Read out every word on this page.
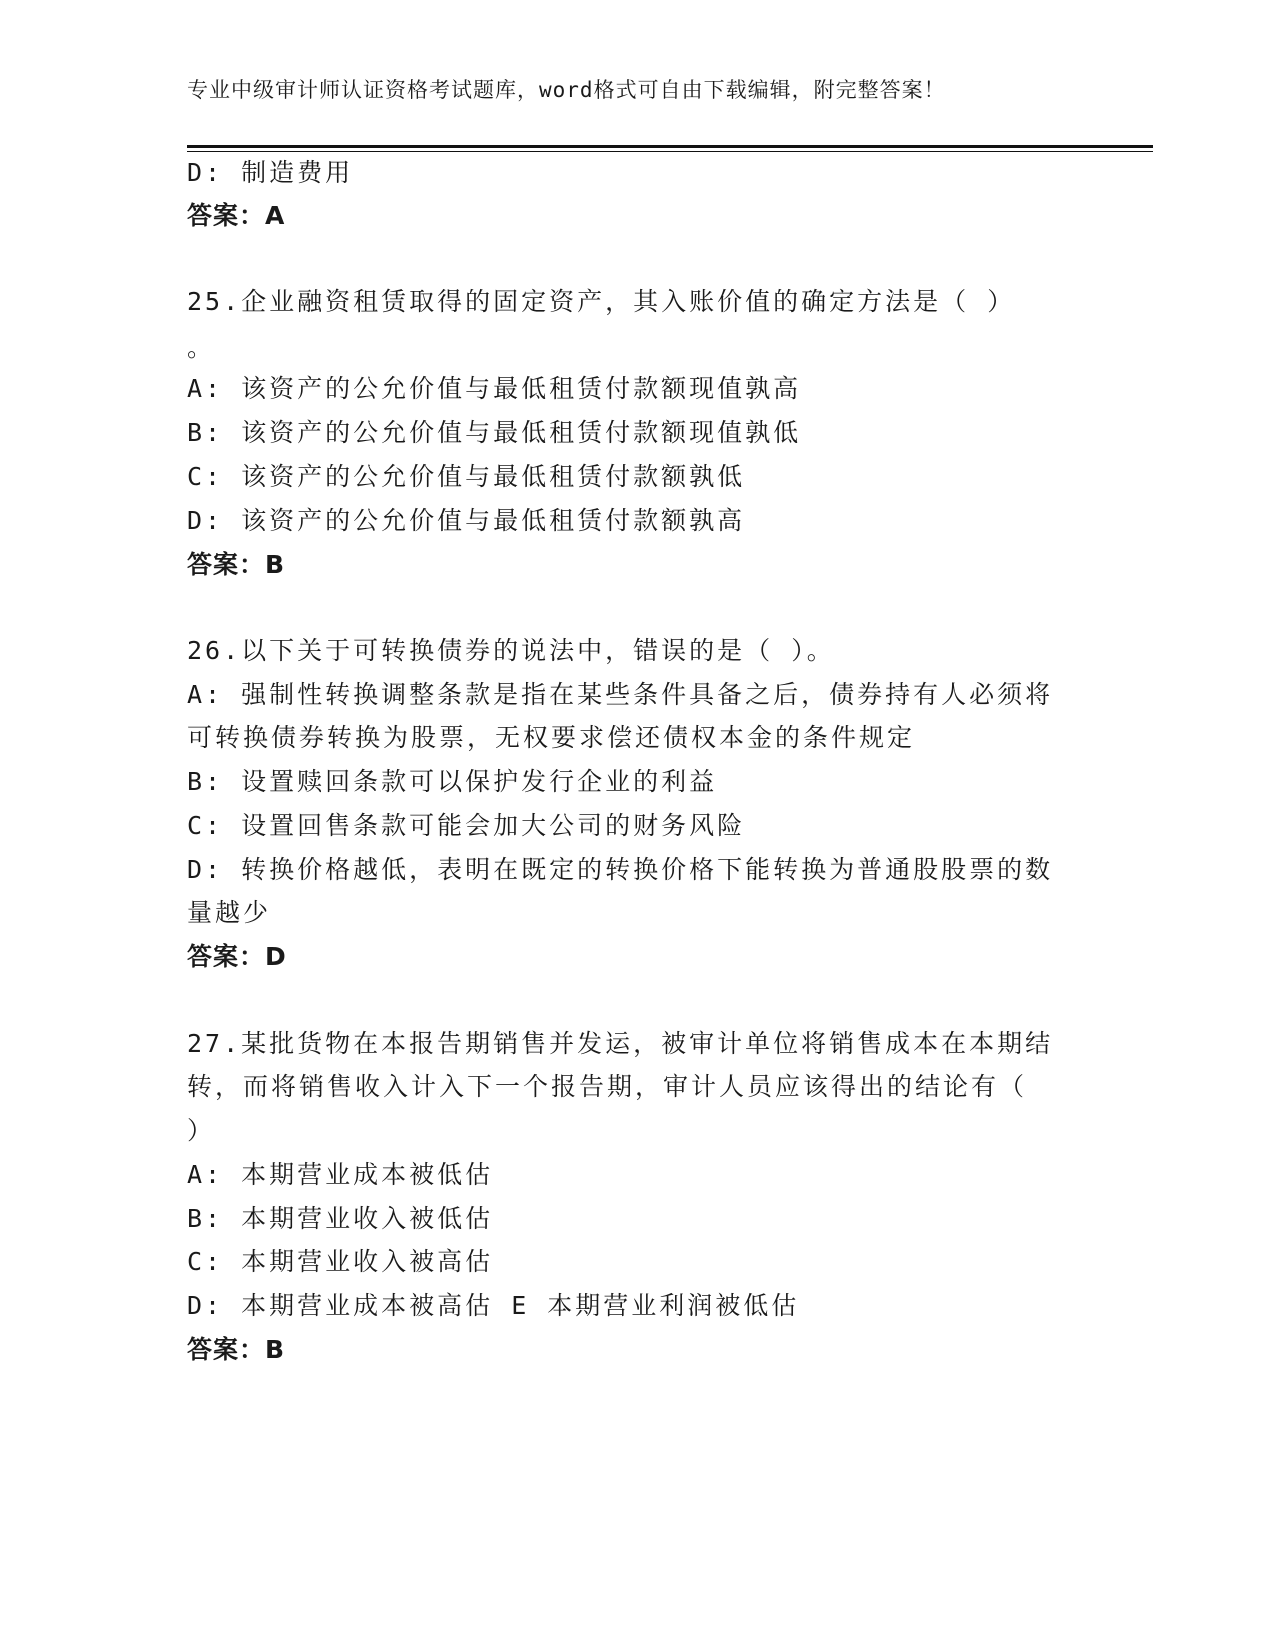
专业中级审计师认证资格考试题库，word格式可自由下载编辑，附完整答案！
D: 制造费用
答案：A
25.企业融资租赁取得的固定资产，其入账价值的确定方法是（ ）
。
A: 该资产的公允价值与最低租赁付款额现值孰高
B: 该资产的公允价值与最低租赁付款额现值孰低
C: 该资产的公允价值与最低租赁付款额孰低
D: 该资产的公允价值与最低租赁付款额孰高
答案：B
26.以下关于可转换债券的说法中，错误的是（ ）。
A: 强制性转换调整条款是指在某些条件具备之后，债券持有人必须将
可转换债券转换为股票，无权要求偿还债权本金的条件规定
B: 设置赎回条款可以保护发行企业的利益
C: 设置回售条款可能会加大公司的财务风险
D: 转换价格越低，表明在既定的转换价格下能转换为普通股股票的数
量越少
答案：D
27.某批货物在本报告期销售并发运，被审计单位将销售成本在本期结
转，而将销售收入计入下一个报告期，审计人员应该得出的结论有（
）
A: 本期营业成本被低估
B: 本期营业收入被低估
C: 本期营业收入被高估
D: 本期营业成本被高估 E 本期营业利润被低估
答案：B
